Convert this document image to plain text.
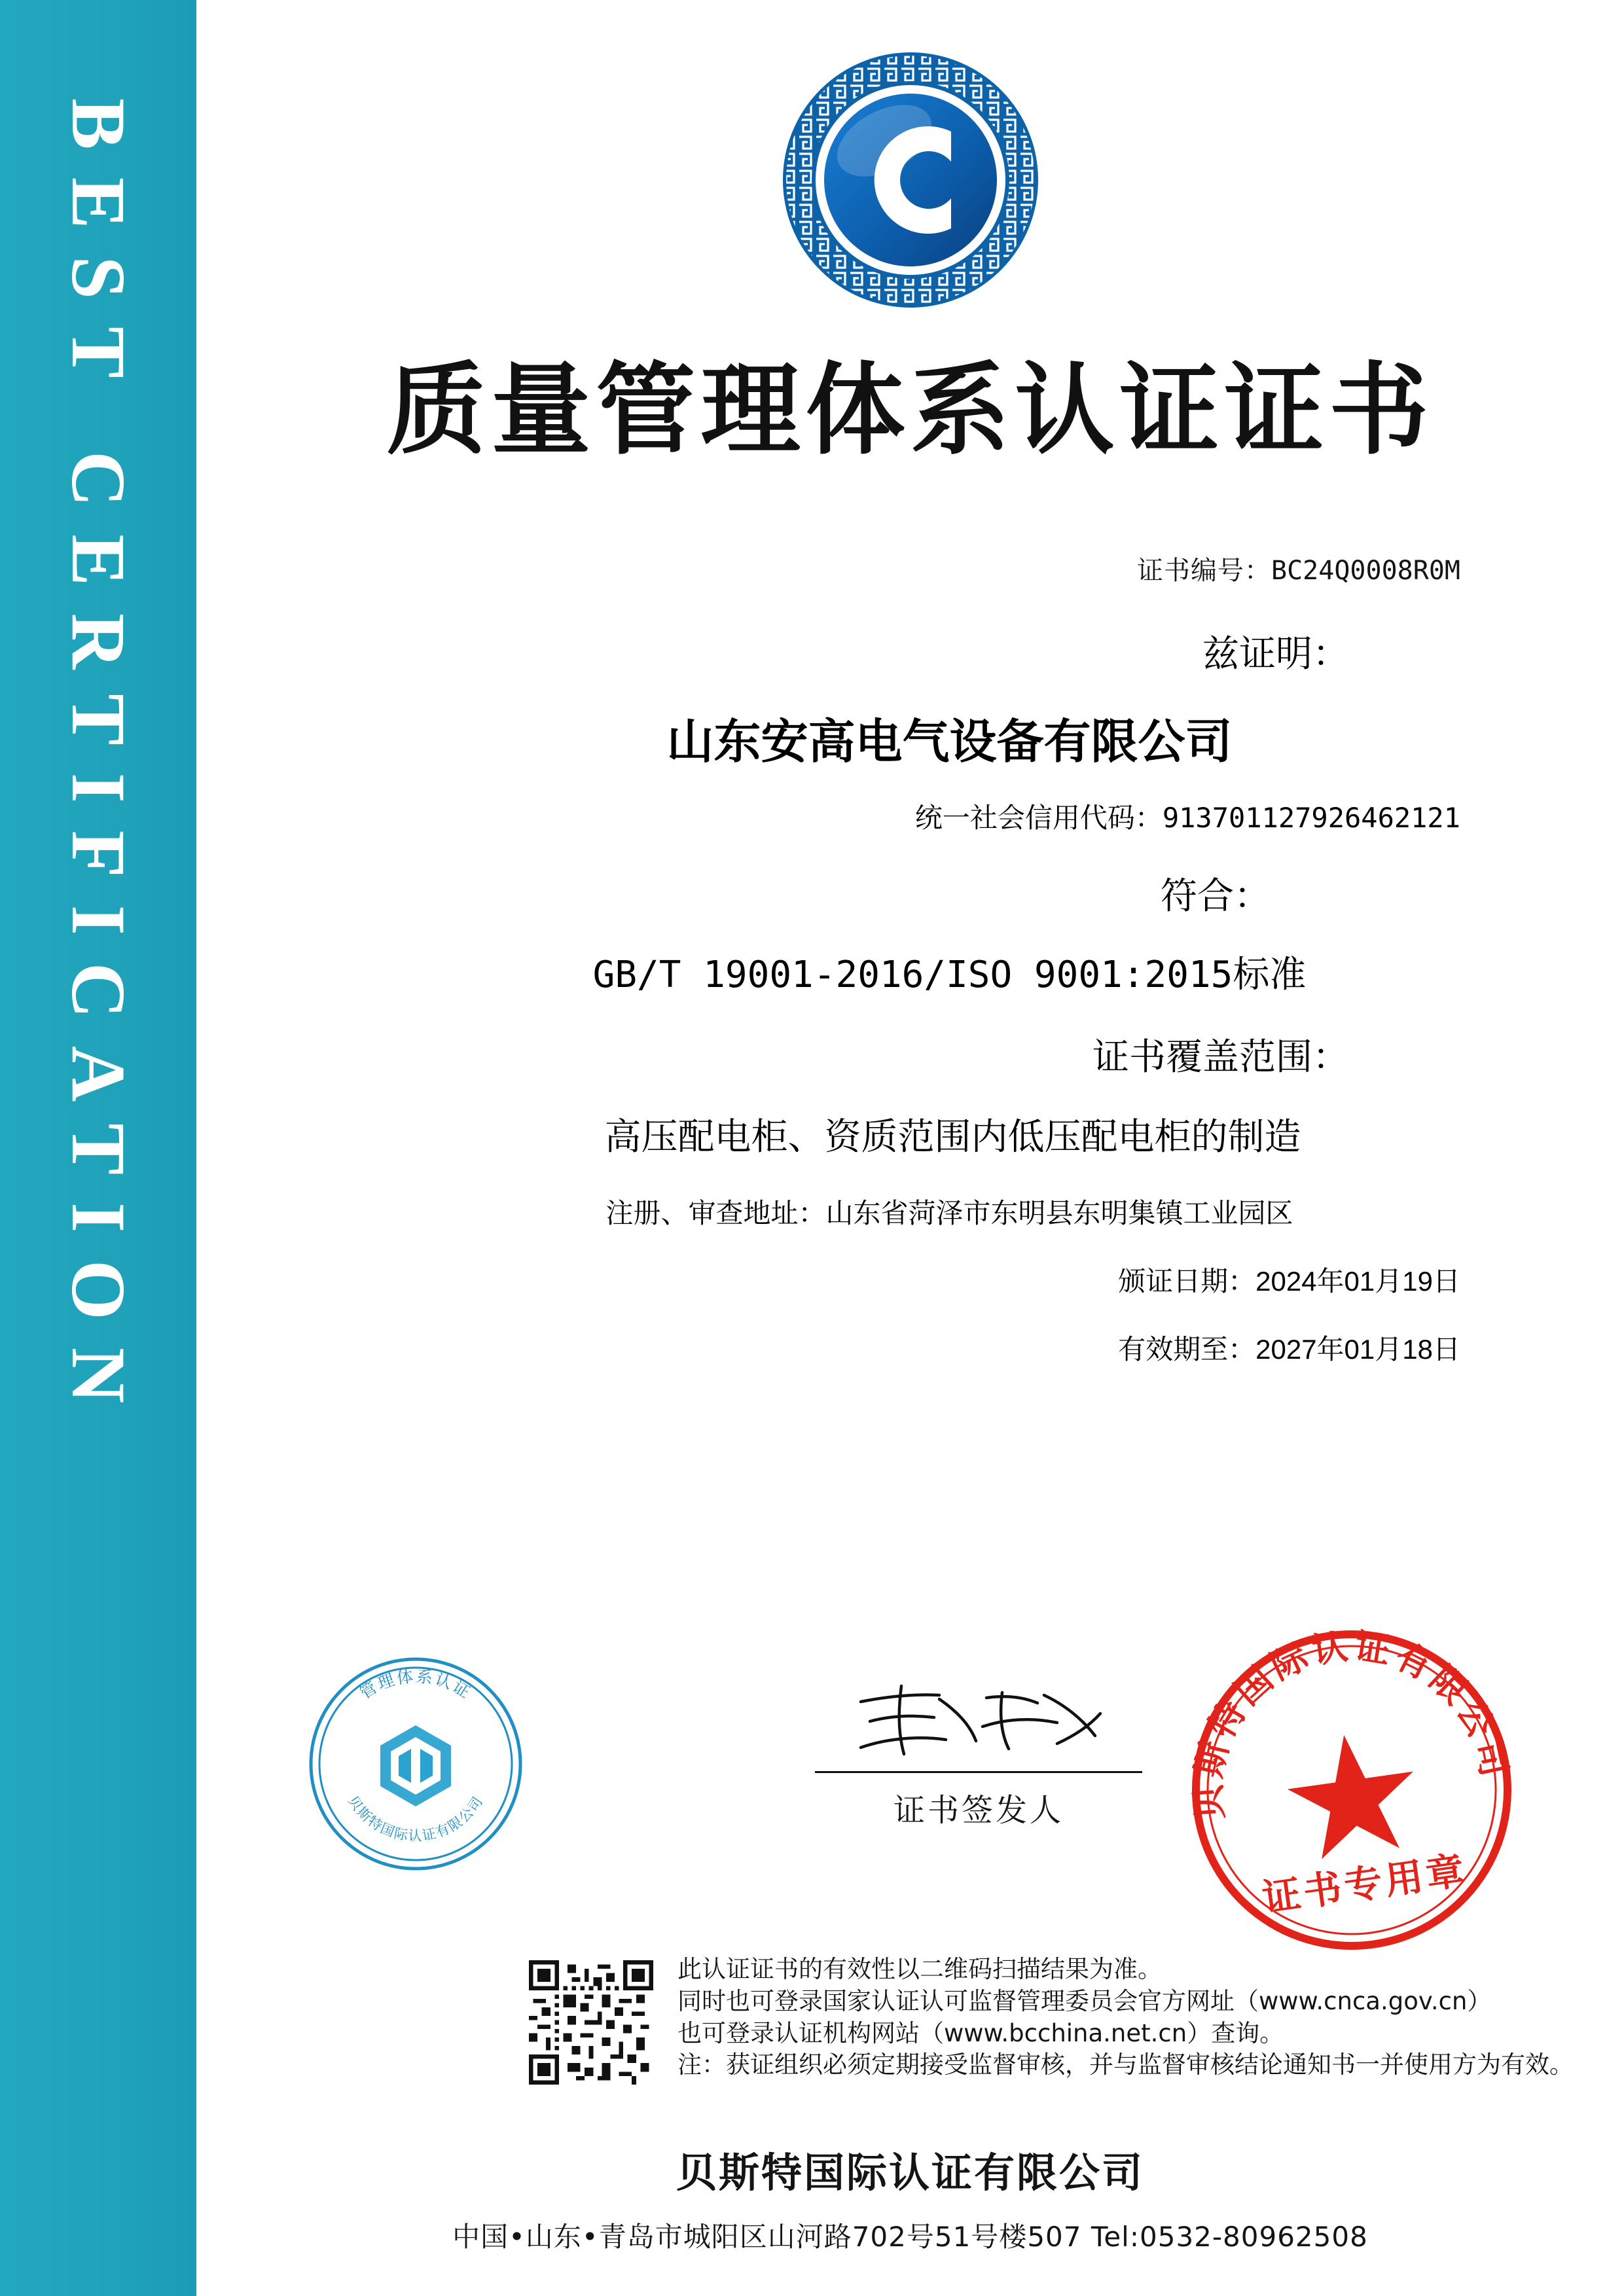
BEST CERTIFICATION	质量管理体系认证证书
证书编号：BC24Q0008R0M
兹证明：
山东安高电气设备有限公司
统一社会信用代码：913701127926462121
符合：
GB/T 19001-2016/ISO 9001:2015标准
证书覆盖范围：
高压配电柜、资质范围内低压配电柜的制造
注册、审查地址：山东省菏泽市东明县东明集镇工业园区
颁证日期：2024年01月19日
有效期至：2027年01月18日
管理体系认证
贝斯特国际认证有限公司	证书签发人	贝斯特国际认证有限公司
证书专用章
此认证证书的有效性以二维码扫描结果为准。
同时也可登录国家认证认可监督管理委员会官方网址（www.cnca.gov.cn）
也可登录认证机构网站（www.bcchina.net.cn）查询。
注：获证组织必须定期接受监督审核，并与监督审核结论通知书一并使用方为有效。
贝斯特国际认证有限公司
中国•山东•青岛市城阳区山河路702号51号楼507 Tel:0532-80962508
